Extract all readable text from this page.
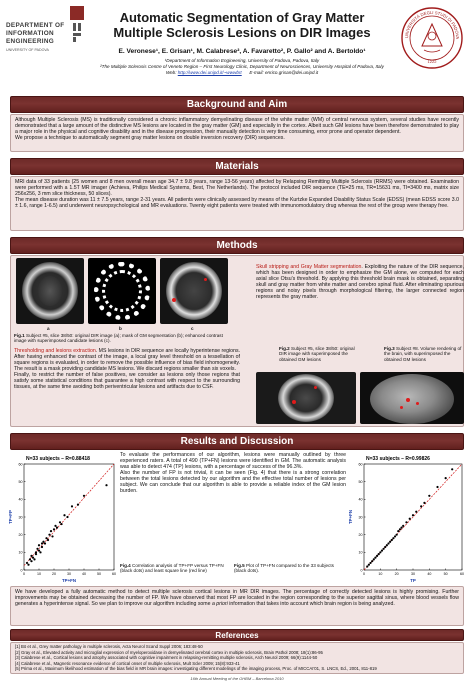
DEPARTMENT OF
INFORMATION
ENGINEERING
UNIVERSITY OF PADOVA
Automatic Segmentation of Gray Matter
Multiple Sclerosis Lesions on DIR Images
E. Veronese¹, E. Grisan¹, M. Calabrese², A. Favaretto², P. Gallo² and A. Bertoldo¹
¹Department of Information Engineering, University of Padova, Padova, Italy
²The Multiple Sclerosis Centre of Veneto Region – First Neurology Clinic, Department of Neurosciences, University Hospital of Padova, Italy
Web: http://www.dei.unipd.it/~wwwbrt E-mail: enrico.grisan@dei.unipd.it
UNIVERSITÀ DEGLI STUDI DI PADOVA
1222
Background and Aim

Although Multiple Sclerosis (MS) is traditionally considered a chronic inflammatory demyelinating disease of the white matter (WM) of central nervous system, several studies have recently demonstrated that a large amount of the distinctive MS lesions are located in the gray matter (GM) and especially in the cortex. Albeit such GM lesions have been therefore demonstrated to play a major role in the physical and cognitive disability and in the disease progression, their manually detection is very time consuming, error prone and operator dependent.

We propose a technique to automatically segment gray matter lesions on double inversion recovery (DIR) sequences.

Materials

MRI data of 33 patients (25 women and 8 men overall mean age 34.7 ± 9.8 years, range 13-56 years) affected by Relapsing Remitting Multiple Sclerosis (RRMS) were obtained. Examination were performed with a 1.5T MR imager (Achieva, Philips Medical Systems, Best, The Netherlands). The protocol included DIR sequence (TE=25 ms, TR=15631 ms, TI=3400 ms, matrix size 256x256, 3 mm slice thickness, 50 slices).

The mean disease duration was 11 ± 7.5 years, range 2-31 years. All patients were clinically assessed by means of the Kurtzke Expanded Disability Status Scale (EDSS) (mean EDSS score 3.0 ± 1.6, range 1-6.5) and underwent neuropsychological and MR evaluations. Twenty eight patients were treated with immunomodulatory drug whereas the rest of the group were therapy free.

Methods
a	b	c
Fig.1 Subject #5, slice 38/50: original DIR image (a); mask of GM segmentation (b); enhanced contrast image with superimposed candidate lesions (c).
Skull stripping and Gray Matter segmentation. Exploiting the nature of the DIR sequence, which has been designed in order to emphasize the GM alone, we computed for each axial slice Otsu's threshold. By applying this threshold brain mask is obtained, separating skull and gray matter from white matter and cerebro spinal fluid. After eliminating spurious regions and noisy pixels through morphological filtering, the larger connected region represents the gray matter.
Thresholding and lesions extraction. MS lesions in DIR sequence are locally hyperintense regions. After having enhanced the contrast of the image, a local gray level threshold on a tessellation of square regions is evaluated, in order to remove the possible influence of bias field inhomogeneity. The result is a mask providing candidate MS lesions. We discard regions smaller than six voxels.
Finally, to restrict the number of false positives, we consider as lesions only those regions that satisfy some statistical conditions that guarantee a high contrast with respect to the surrounding tissues, at the same time avoiding both periventricular lesions and artifacts due to CSF.
Fig.2 Subject #5, slice 38/50: original DIR image with superimposed the obtained GM lesions
Fig.3 Subject #8. Volume rendering of the brain, with superimposed the obtained GM lesions
Results and Discussion
N=33 subjects – R=0.88418
0	10	20	30	40	50	60
0
10
20
30
40
50
60
TP+FN
TP+FP
N=33 subjects – R=0.99826
0	10	20	30	40	50	60
0
10
20
30
40
50
60
TP
TP+FN

To evaluate the performances of our algorithm, lesions were manually outlined by three experienced raters. A total of 490 (TP+FN) lesions were identified in GM. The automatic analysis was able to detect 474 (TP) lesions, with a percentage of success of the 96.3%.

Also the number of FP is not trivial, it can be seen (Fig. 4) that there is a strong correlation between the total lesions detected by our algorithm and the effective total number of lesions per subject. We can conclude that our algorithm is able to provide a reliable index of the GM lesion burden.

Fig.4 Correlation analysis of TP+FP versus TP+FN (black dots) and least square line (red line)
Fig.5 Plot of TP+FN compared to the 33 subjects (black dots).

We have developed a fully automatic method to detect multiple sclerosis cortical lesions in MR DIR images. The percentage of correctly detected lesions is highly promising. Further improvements may be obtained decreasing the number of FP. We have observed that most FP are located in the region corresponding to the superior sagittal sinus, where blood vessels flow generates a hyperintense signal. So we plan to improve our algorithm including some a priori information that takes into account which brain region is being analyzed.

References
[1] Bö et al., Grey matter pathology in multiple sclerosis, Acta Neurol Scand Suppl 2006; 183:48-50
[2] Gray et al., Elevated activity and microglial expression of myeloperoxidase in demyelinated cerebral cortex in multiple sclerosis, Brain Pathol 2008; 18(1):86-95
[3] Calabrese et al., Cortical lesions and atrophy associated with cognitive impairment in relapsing-remitting multiple sclerosis, Arch Neurol 2009; 66(9):1144-50
[4] Calabrese et al., Magnetic resonance evidence of cortical onset of multiple sclerosis, Mult Scler 2009; 15(8):933-41
[5] Prima et al., Maximum likelihood estimation of the bias field in MR brain images: investigating different modelings of the imaging process, Proc. of MICCAI'01, S. LNCS, Ed., 2001, 811-819
16th Annual Meeting of the OHBM – Barcelona 2010
